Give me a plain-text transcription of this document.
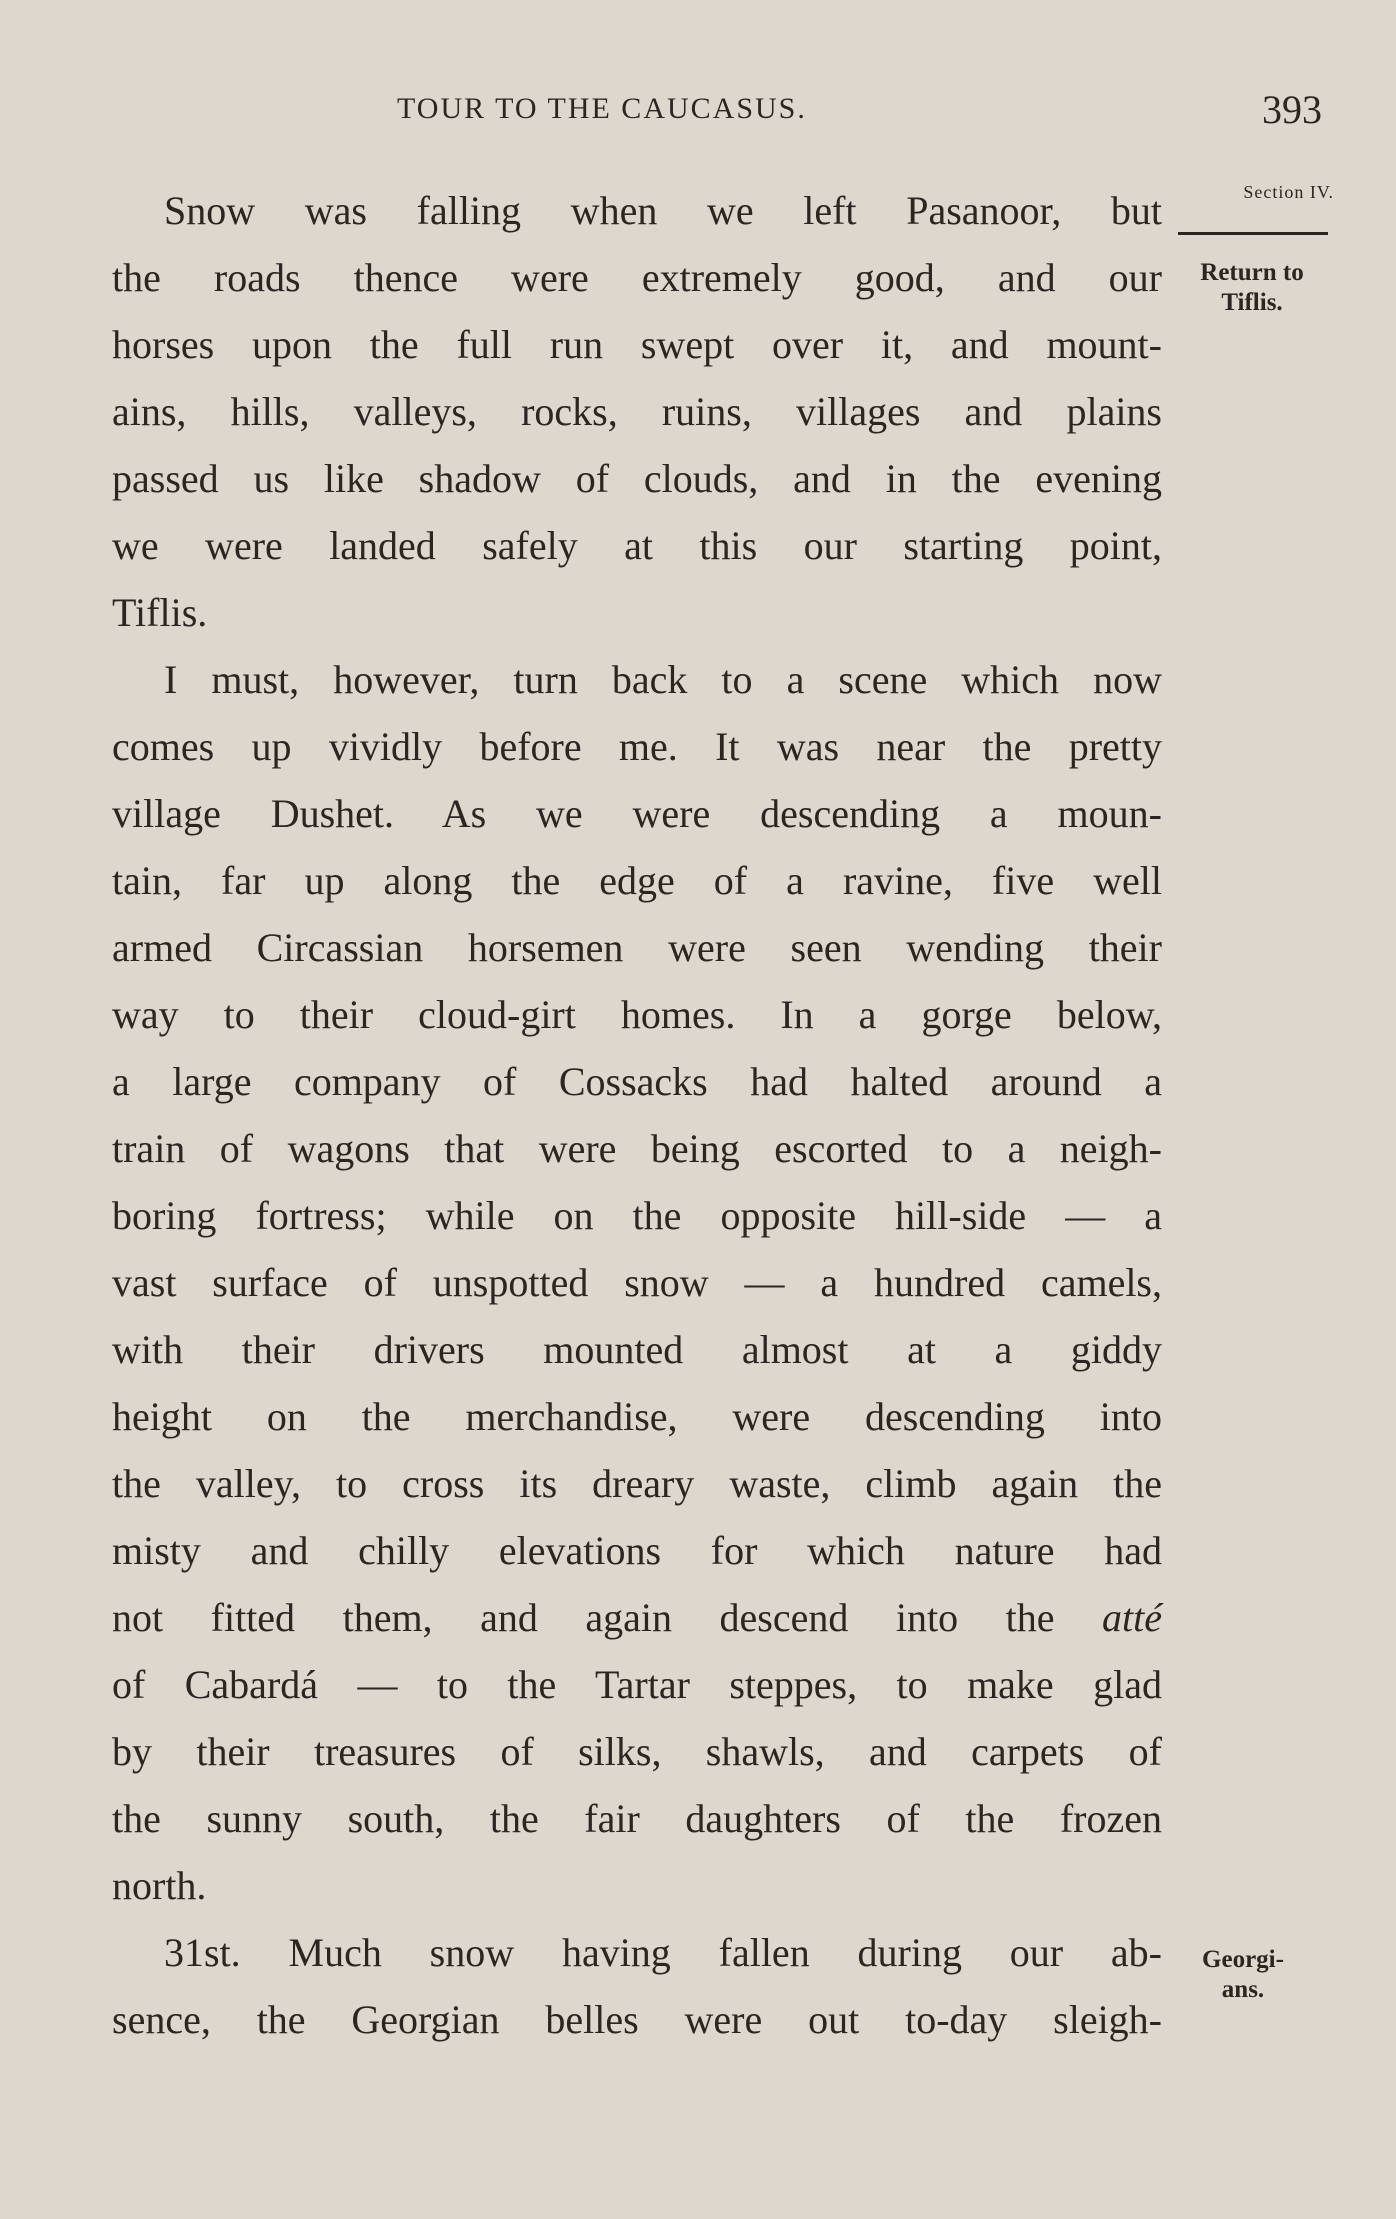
TOUR TO THE CAUCASUS.	393
Section IV.
Return to
Tiflis.
Georgi-
ans.
Snow was falling when we left Pasanoor, but
the roads thence were extremely good, and our
horses upon the full run swept over it, and mount-
ains, hills, valleys, rocks, ruins, villages and plains
passed us like shadow of clouds, and in the evening
we were landed safely at this our starting point,
Tiflis.
I must, however, turn back to a scene which now
comes up vividly before me. It was near the pretty
village Dushet. As we were descending a moun-
tain, far up along the edge of a ravine, five well
armed Circassian horsemen were seen wending their
way to their cloud-girt homes. In a gorge below,
a large company of Cossacks had halted around a
train of wagons that were being escorted to a neigh-
boring fortress; while on the opposite hill-side — a
vast surface of unspotted snow — a hundred camels,
with their drivers mounted almost at a giddy
height on the merchandise, were descending into
the valley, to cross its dreary waste, climb again the
misty and chilly elevations for which nature had
not fitted them, and again descend into the atté
of Cabardá — to the Tartar steppes, to make glad
by their treasures of silks, shawls, and carpets of
the sunny south, the fair daughters of the frozen
north.
31st. Much snow having fallen during our ab-
sence, the Georgian belles were out to-day sleigh-
